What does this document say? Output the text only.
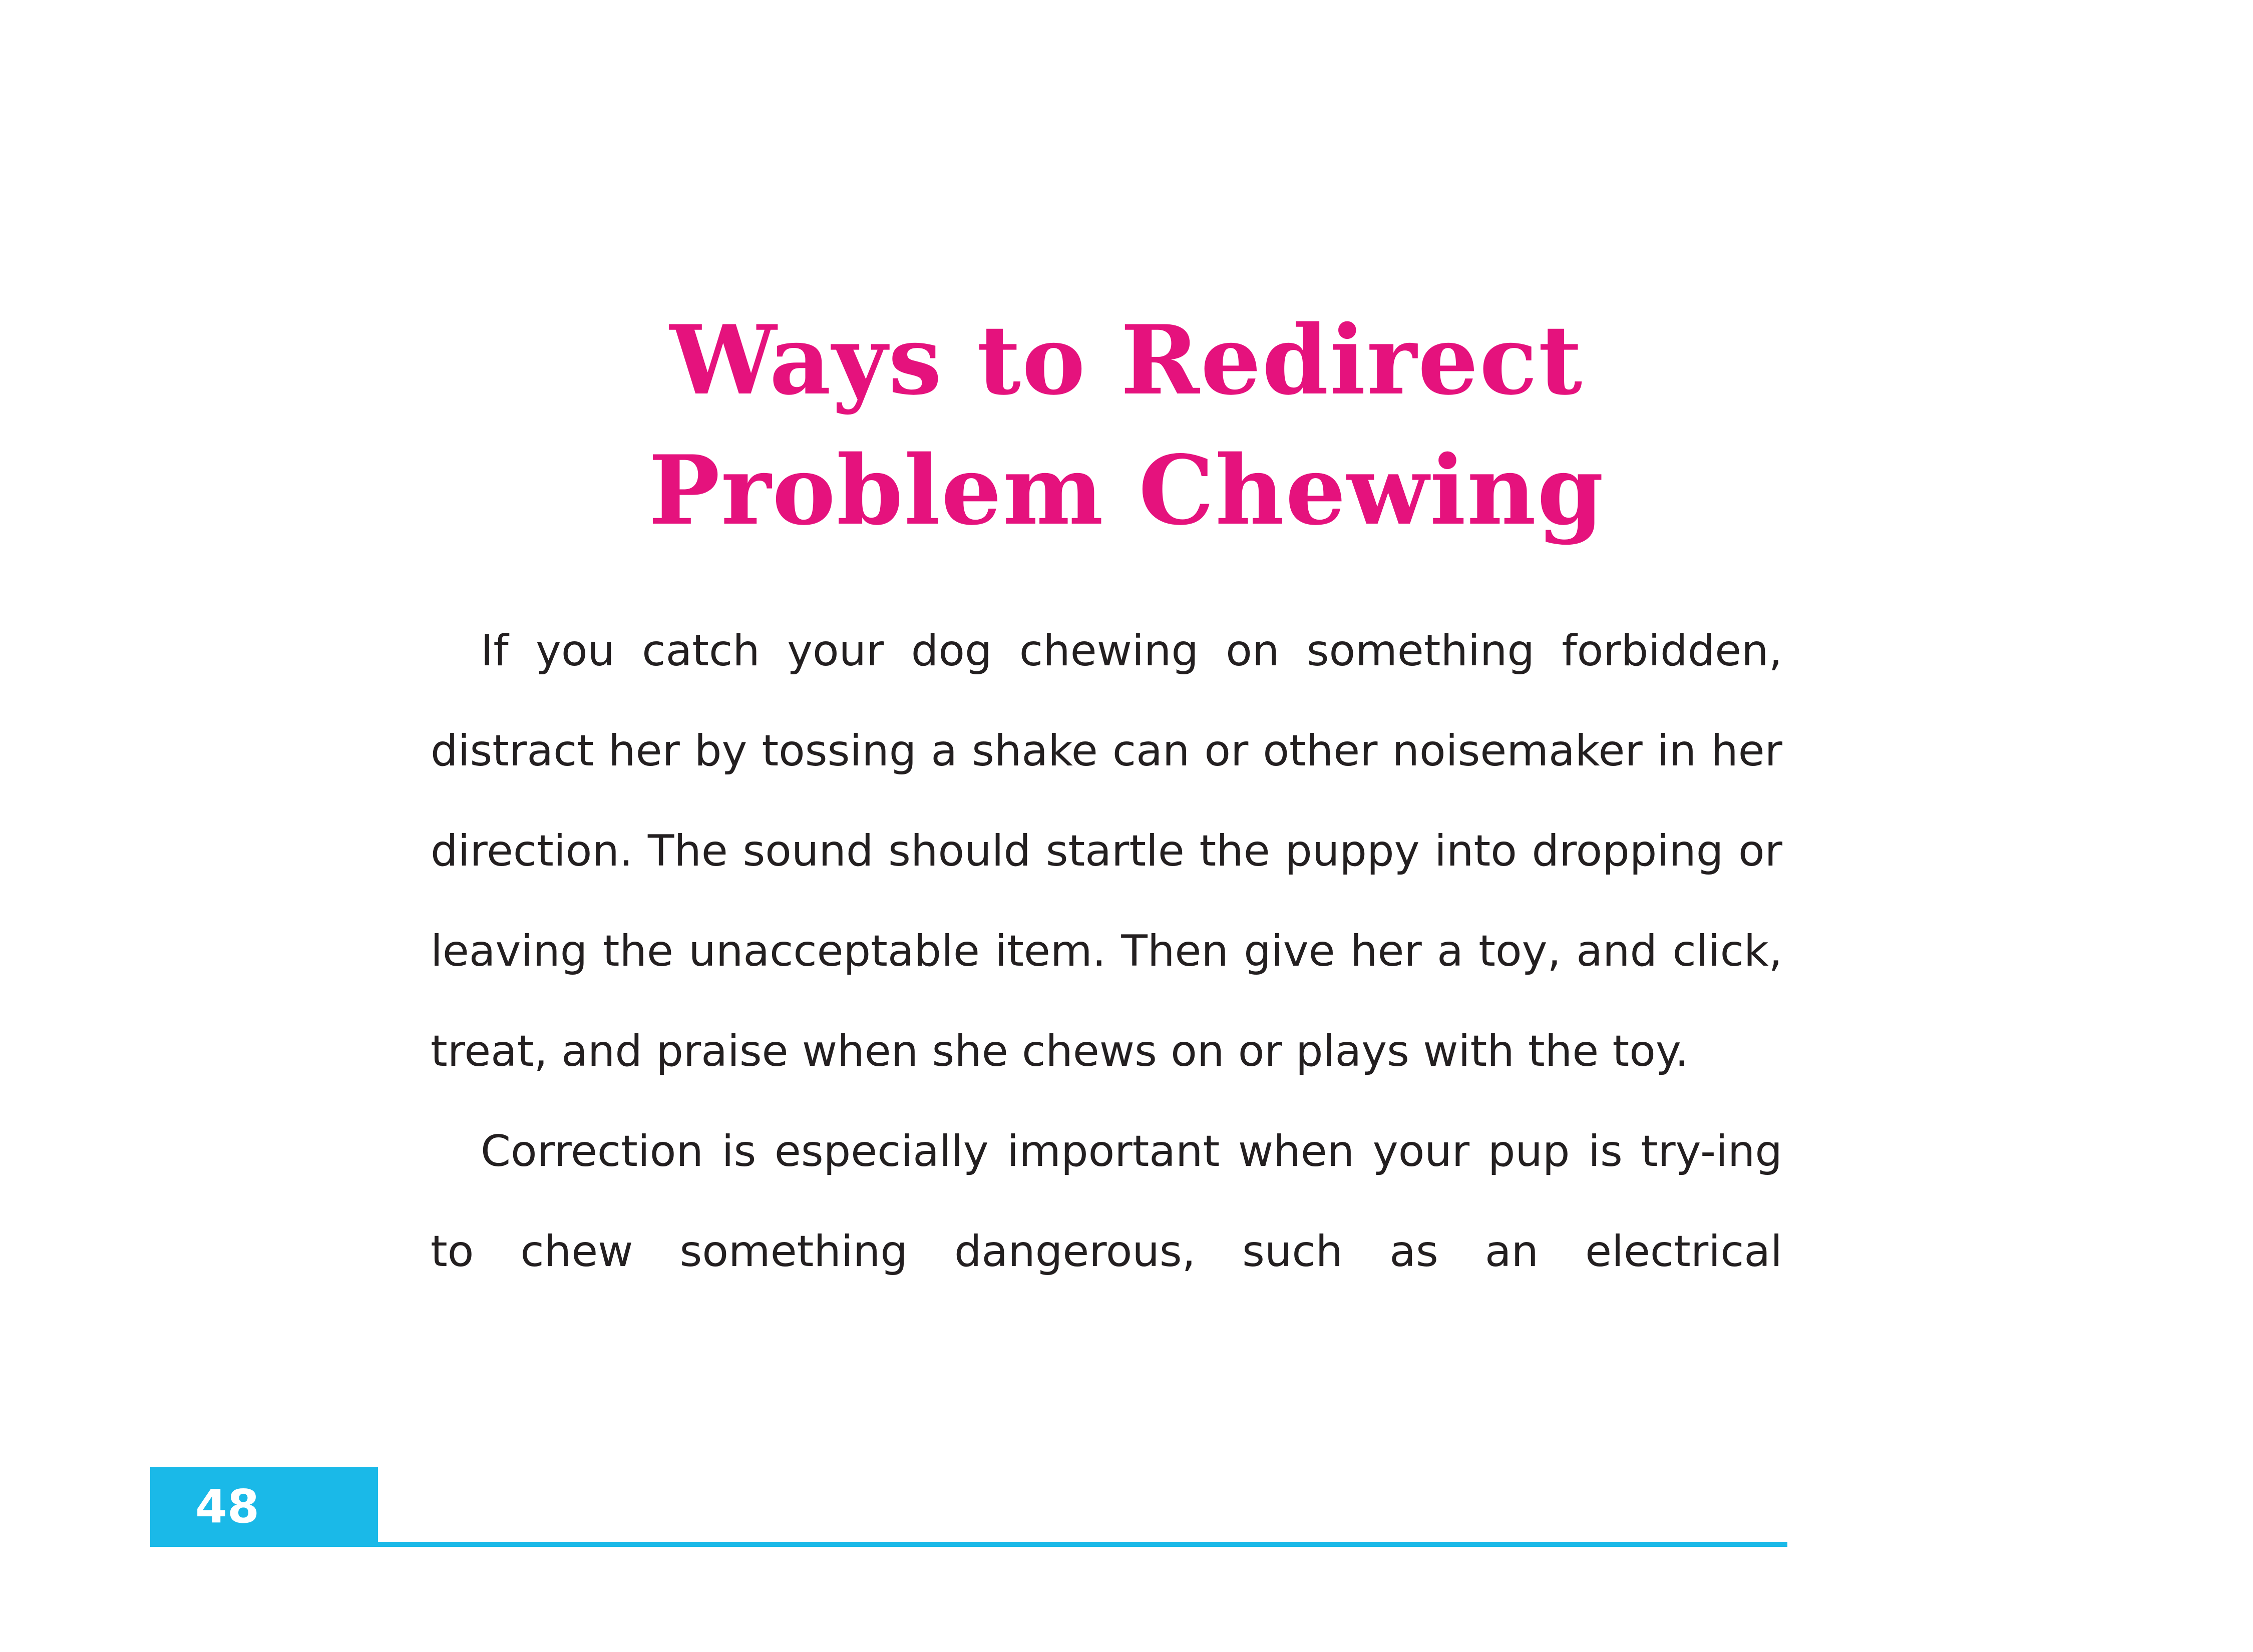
Ways to Redirect
Problem Chewing

If you catch your dog chewing on something forbidden, distract her by tossing a shake can or other noisemaker in her direction. The sound should startle the puppy into dropping or leaving the unacceptable item. Then give her a toy, and click, treat, and praise when she chews on or plays with the toy.

Correction is especially important when your pup is try-ing to chew something dangerous, such as an electrical

48
